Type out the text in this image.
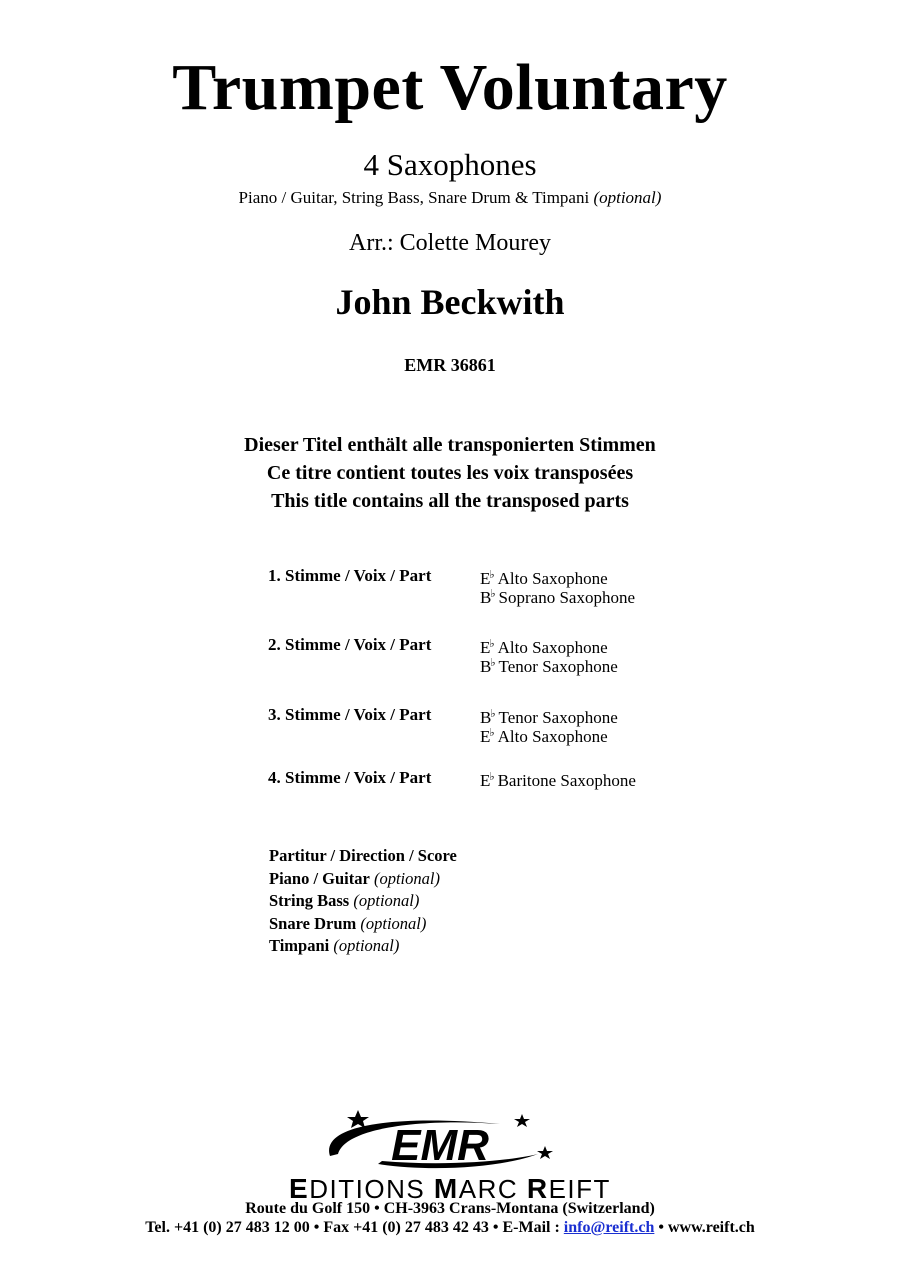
Trumpet Voluntary
4 Saxophones
Piano / Guitar, String Bass, Snare Drum & Timpani (optional)
Arr.: Colette Mourey
John Beckwith
EMR 36861
Dieser Titel enthält alle transponierten Stimmen
Ce titre contient toutes les voix transposées
This title contains all the transposed parts
1. Stimme / Voix / Part	E♭ Alto Saxophone
B♭ Soprano Saxophone
2. Stimme / Voix / Part	E♭ Alto Saxophone
B♭ Tenor Saxophone
3. Stimme / Voix / Part	B♭ Tenor Saxophone
E♭ Alto Saxophone
4. Stimme / Voix / Part	E♭ Baritone Saxophone
Partitur / Direction / Score
Piano / Guitar (optional)
String Bass (optional)
Snare Drum (optional)
Timpani (optional)
EMR
EDITIONS MARC REIFT
Route du Golf 150 • CH-3963 Crans-Montana (Switzerland)
Tel. +41 (0) 27 483 12 00 • Fax +41 (0) 27 483 42 43 • E-Mail : info@reift.ch • www.reift.ch
